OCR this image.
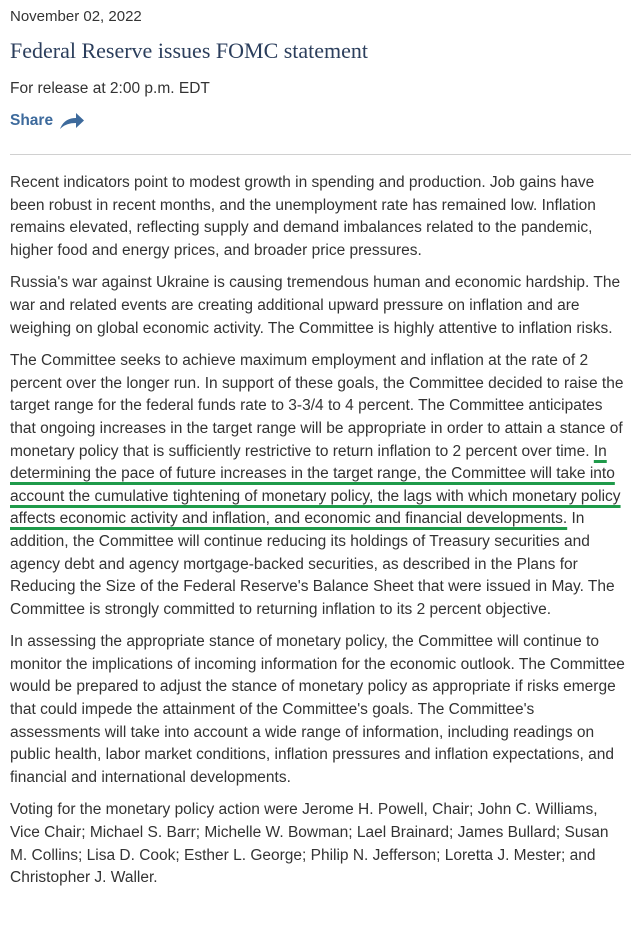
November 02, 2022
Federal Reserve issues FOMC statement
For release at 2:00 p.m. EDT
Share

Recent indicators point to modest growth in spending and production. Job gains have been robust in recent months, and the unemployment rate has remained low. Inflation remains elevated, reflecting supply and demand imbalances related to the pandemic, higher food and energy prices, and broader price pressures.

Russia's war against Ukraine is causing tremendous human and economic hardship. The war and related events are creating additional upward pressure on inflation and are weighing on global economic activity. The Committee is highly attentive to inflation risks.

The Committee seeks to achieve maximum employment and inflation at the rate of 2 percent over the longer run. In support of these goals, the Committee decided to raise the target range for the federal funds rate to 3-3/4 to 4 percent. The Committee anticipates that ongoing increases in the target range will be appropriate in order to attain a stance of monetary policy that is sufficiently restrictive to return inflation to 2 percent over time. In determining the pace of future increases in the target range, the Committee will take into account the cumulative tightening of monetary policy, the lags with which monetary policy affects economic activity and inflation, and economic and financial developments. In addition, the Committee will continue reducing its holdings of Treasury securities and agency debt and agency mortgage-backed securities, as described in the Plans for Reducing the Size of the Federal Reserve's Balance Sheet that were issued in May. The Committee is strongly committed to returning inflation to its 2 percent objective.

In assessing the appropriate stance of monetary policy, the Committee will continue to monitor the implications of incoming information for the economic outlook. The Committee would be prepared to adjust the stance of monetary policy as appropriate if risks emerge that could impede the attainment of the Committee's goals. The Committee's assessments will take into account a wide range of information, including readings on public health, labor market conditions, inflation pressures and inflation expectations, and financial and international developments.

Voting for the monetary policy action were Jerome H. Powell, Chair; John C. Williams, Vice Chair; Michael S. Barr; Michelle W. Bowman; Lael Brainard; James Bullard; Susan M. Collins; Lisa D. Cook; Esther L. George; Philip N. Jefferson; Loretta J. Mester; and Christopher J. Waller.
